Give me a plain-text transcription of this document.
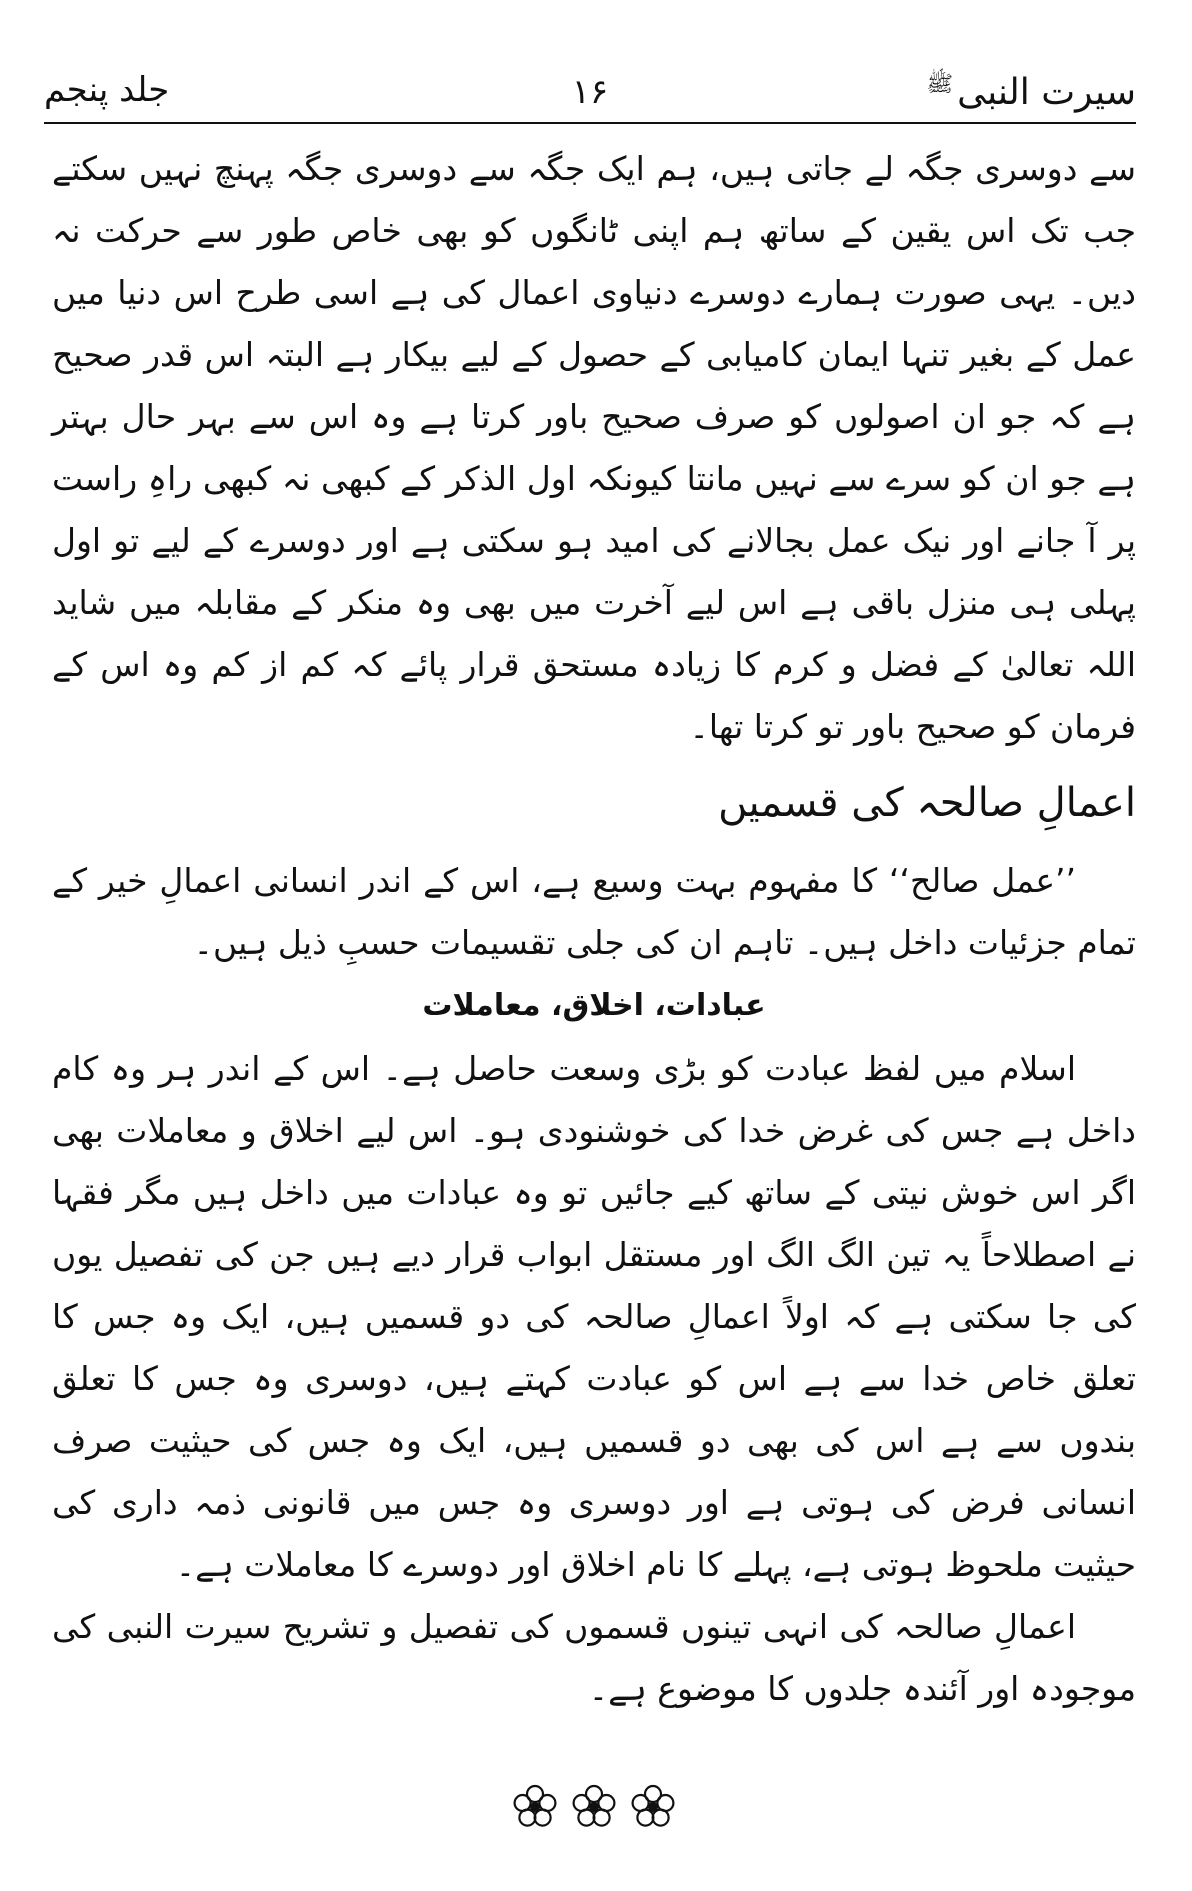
سیرت النبی$^ﷺ$
۱۶
جلد پنجم

سے دوسری جگہ لے جاتی ہیں، ہم ایک جگہ سے دوسری جگہ پہنچ نہیں سکتے جب تک اس یقین کے ساتھ ہم اپنی ٹانگوں کو بھی خاص طور سے حرکت نہ دیں۔ یہی صورت ہمارے دوسرے دنیاوی اعمال کی ہے اسی طرح اس دنیا میں عمل کے بغیر تنہا ایمان کامیابی کے حصول کے لیے بیکار ہے البتہ اس قدر صحیح ہے کہ جو ان اصولوں کو صرف صحیح باور کرتا ہے وہ اس سے بہر حال بہتر ہے جو ان کو سرے سے نہیں مانتا کیونکہ اول الذکر کے کبھی نہ کبھی راہِ راست پر آ جانے اور نیک عمل بجالانے کی امید ہو سکتی ہے اور دوسرے کے لیے تو اول پہلی ہی منزل باقی ہے اس لیے آخرت میں بھی وہ منکر کے مقابلہ میں شاید اللہ تعالیٰ کے فضل و کرم کا زیادہ مستحق قرار پائے کہ کم از کم وہ اس کے فرمان کو صحیح باور تو کرتا تھا۔

اعمالِ صالحہ کی قسمیں

’’عمل صالح‘‘ کا مفہوم بہت وسیع ہے، اس کے اندر انسانی اعمالِ خیر کے تمام جزئیات داخل ہیں۔ تاہم ان کی جلی تقسیمات حسبِ ذیل ہیں۔

عبادات، اخلاق، معاملات

اسلام میں لفظ عبادت کو بڑی وسعت حاصل ہے۔ اس کے اندر ہر وہ کام داخل ہے جس کی غرض خدا کی خوشنودی ہو۔ اس لیے اخلاق و معاملات بھی اگر اس خوش نیتی کے ساتھ کیے جائیں تو وہ عبادات میں داخل ہیں مگر فقہا نے اصطلاحاً یہ تین الگ الگ اور مستقل ابواب قرار دیے ہیں جن کی تفصیل یوں کی جا سکتی ہے کہ اولاً اعمالِ صالحہ کی دو قسمیں ہیں، ایک وہ جس کا تعلق خاص خدا سے ہے اس کو عبادت کہتے ہیں، دوسری وہ جس کا تعلق بندوں سے ہے اس کی بھی دو قسمیں ہیں، ایک وہ جس کی حیثیت صرف انسانی فرض کی ہوتی ہے اور دوسری وہ جس میں قانونی ذمہ داری کی حیثیت ملحوظ ہوتی ہے، پہلے کا نام اخلاق اور دوسرے کا معاملات ہے۔

اعمالِ صالحہ کی انہی تینوں قسموں کی تفصیل و تشریح سیرت النبی کی موجودہ اور آئندہ جلدوں کا موضوع ہے۔
